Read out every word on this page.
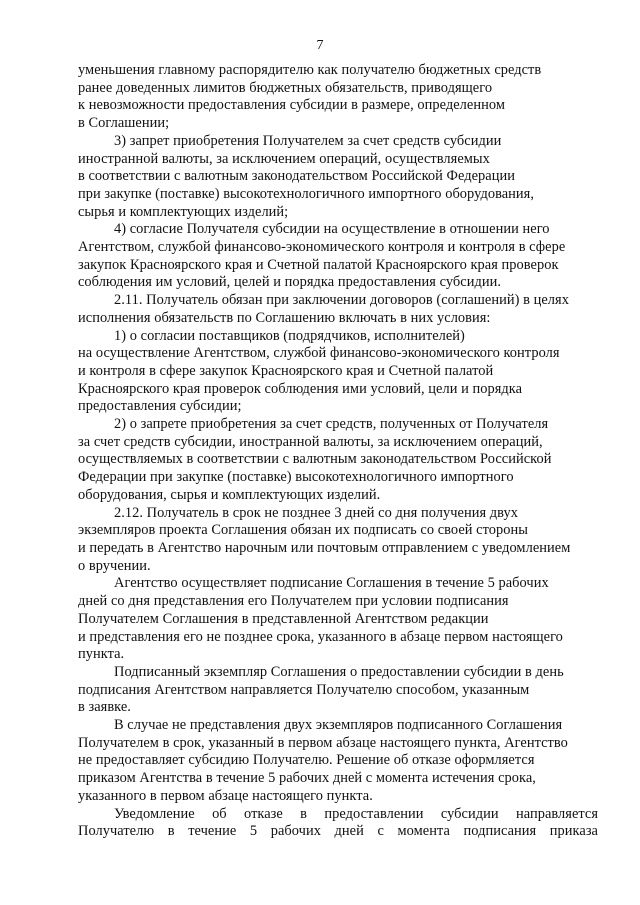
7

уменьшения главному распорядителю как получателю бюджетных средств
ранее доведенных лимитов бюджетных обязательств, приводящего
к невозможности предоставления субсидии в размере, определенном
в Соглашении;

3) запрет приобретения Получателем за счет средств субсидии
иностранной валюты, за исключением операций, осуществляемых
в соответствии с валютным законодательством Российской Федерации
при закупке (поставке) высокотехнологичного импортного оборудования,
сырья и комплектующих изделий;

4) согласие Получателя субсидии на осуществление в отношении него
Агентством, службой финансово-экономического контроля и контроля в сфере
закупок Красноярского края и Счетной палатой Красноярского края проверок
соблюдения им условий, целей и порядка предоставления субсидии.

2.11. Получатель обязан при заключении договоров (соглашений) в целях
исполнения обязательств по Соглашению включать в них условия:

1) о согласии поставщиков (подрядчиков, исполнителей)
на осуществление Агентством, службой финансово-экономического контроля
и контроля в сфере закупок Красноярского края и Счетной палатой
Красноярского края проверок соблюдения ими условий, цели и порядка
предоставления субсидии;

2) о запрете приобретения за счет средств, полученных от Получателя
за счет средств субсидии, иностранной валюты, за исключением операций,
осуществляемых в соответствии с валютным законодательством Российской
Федерации при закупке (поставке) высокотехнологичного импортного
оборудования, сырья и комплектующих изделий.

2.12. Получатель в срок не позднее 3 дней со дня получения двух
экземпляров проекта Соглашения обязан их подписать со своей стороны
и передать в Агентство нарочным или почтовым отправлением с уведомлением
о вручении.

Агентство осуществляет подписание Соглашения в течение 5 рабочих
дней со дня представления его Получателем при условии подписания
Получателем Соглашения в представленной Агентством редакции
и представления его не позднее срока, указанного в абзаце первом настоящего
пункта.

Подписанный экземпляр Соглашения о предоставлении субсидии в день
подписания Агентством направляется Получателю способом, указанным
в заявке.

В случае не представления двух экземпляров подписанного Соглашения
Получателем в срок, указанный в первом абзаце настоящего пункта, Агентство
не предоставляет субсидию Получателю. Решение об отказе оформляется
приказом Агентства в течение 5 рабочих дней с момента истечения срока,
указанного в первом абзаце настоящего пункта.

Уведомление об отказе в предоставлении субсидии направляется
Получателю в течение 5 рабочих дней с момента подписания приказа
